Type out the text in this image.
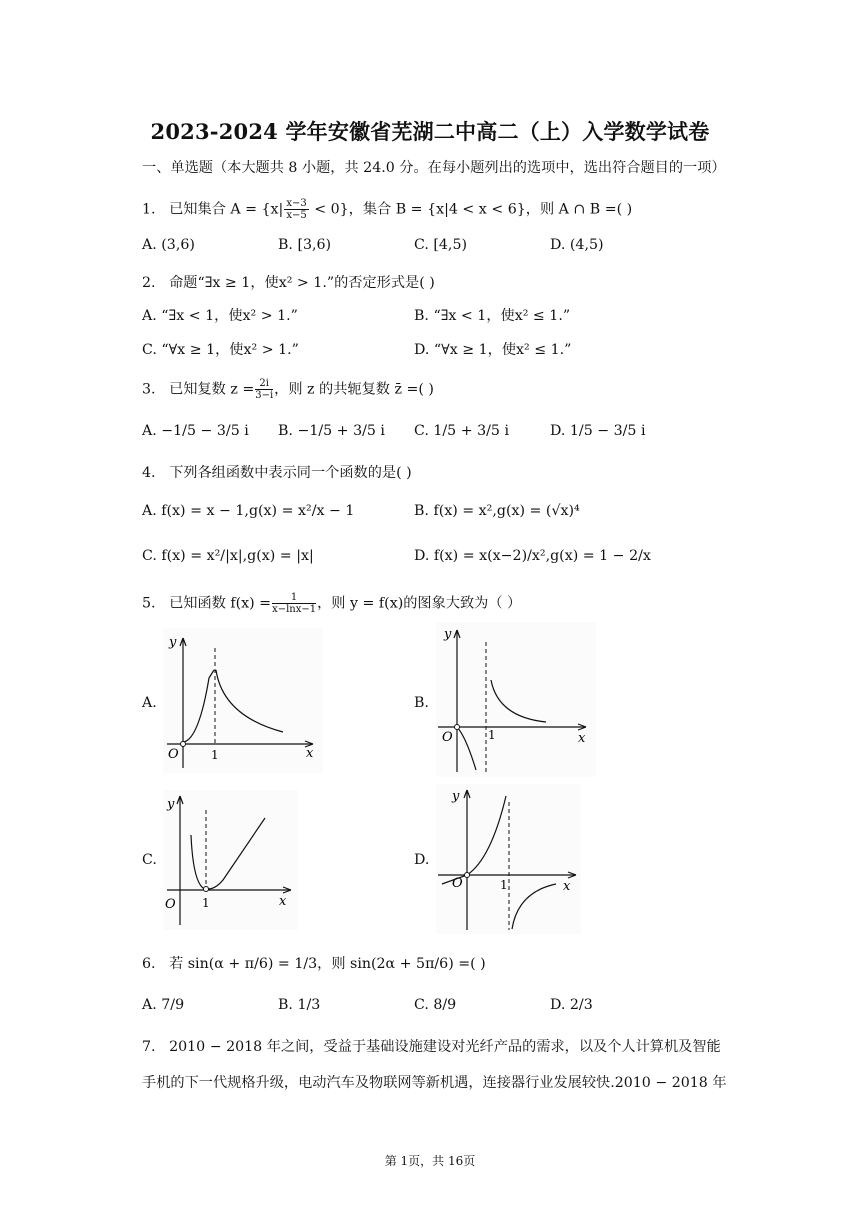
2023-2024 学年安徽省芜湖二中高二（上）入学数学试卷
一、单选题（本大题共 8 小题，共 24.0 分。在每小题列出的选项中，选出符合题目的一项）
1. 已知集合 $A = \{x| \frac{x-3}{x-5} < 0\}$，集合 B = {x|4 < x < 6}，则 A ∩ B =( )
A. (3,6)	B. [3,6)	C. [4,5)	D. (4,5)
2. 命题“∃x ≥ 1，使x² > 1.”的否定形式是( )
A. “∃x < 1，使x² > 1.”	B. “∃x < 1，使x² ≤ 1.”
C. “∀x ≥ 1，使x² > 1.”	D. “∀x ≥ 1，使x² ≤ 1.”
3. 已知复数 $z = \frac{2i}{3-i}$ ，则 z 的共轭复数 z̄ =( )
A. −1/5 − 3/5 i B. −1/5 + 3/5 i C. 1/5 + 3/5 i	D. 1/5 − 3/5 i
4. 下列各组函数中表示同一个函数的是( )
A. f(x) = x − 1,g(x) = x²/x − 1	B. f(x) = x²,g(x) = (√x)⁴
C. f(x) = x²/|x|,g(x) = |x|	D. f(x) = x(x−2)/x²,g(x) = 1 − 2/x
5. 已知函数 $f(x) = \frac{1}{x-\ln x-1}$ ，则 y = f(x)的图象大致为（ ）
A.	B.
C.	D.
y
x
O	1
y
x
O	1
y
x
O 1
y
x
O	1
6. 若 sin(α + π/6) = 1/3，则 sin(2α + 5π/6) =( )
A. 7/9	B. 1/3	C. 8/9	D. 2/3
7. 2010 − 2018 年之间，受益于基础设施建设对光纤产品的需求，以及个人计算机及智能
手机的下一代规格升级，电动汽车及物联网等新机遇，连接器行业发展较快.2010 − 2018 年
第 1页，共 16页
